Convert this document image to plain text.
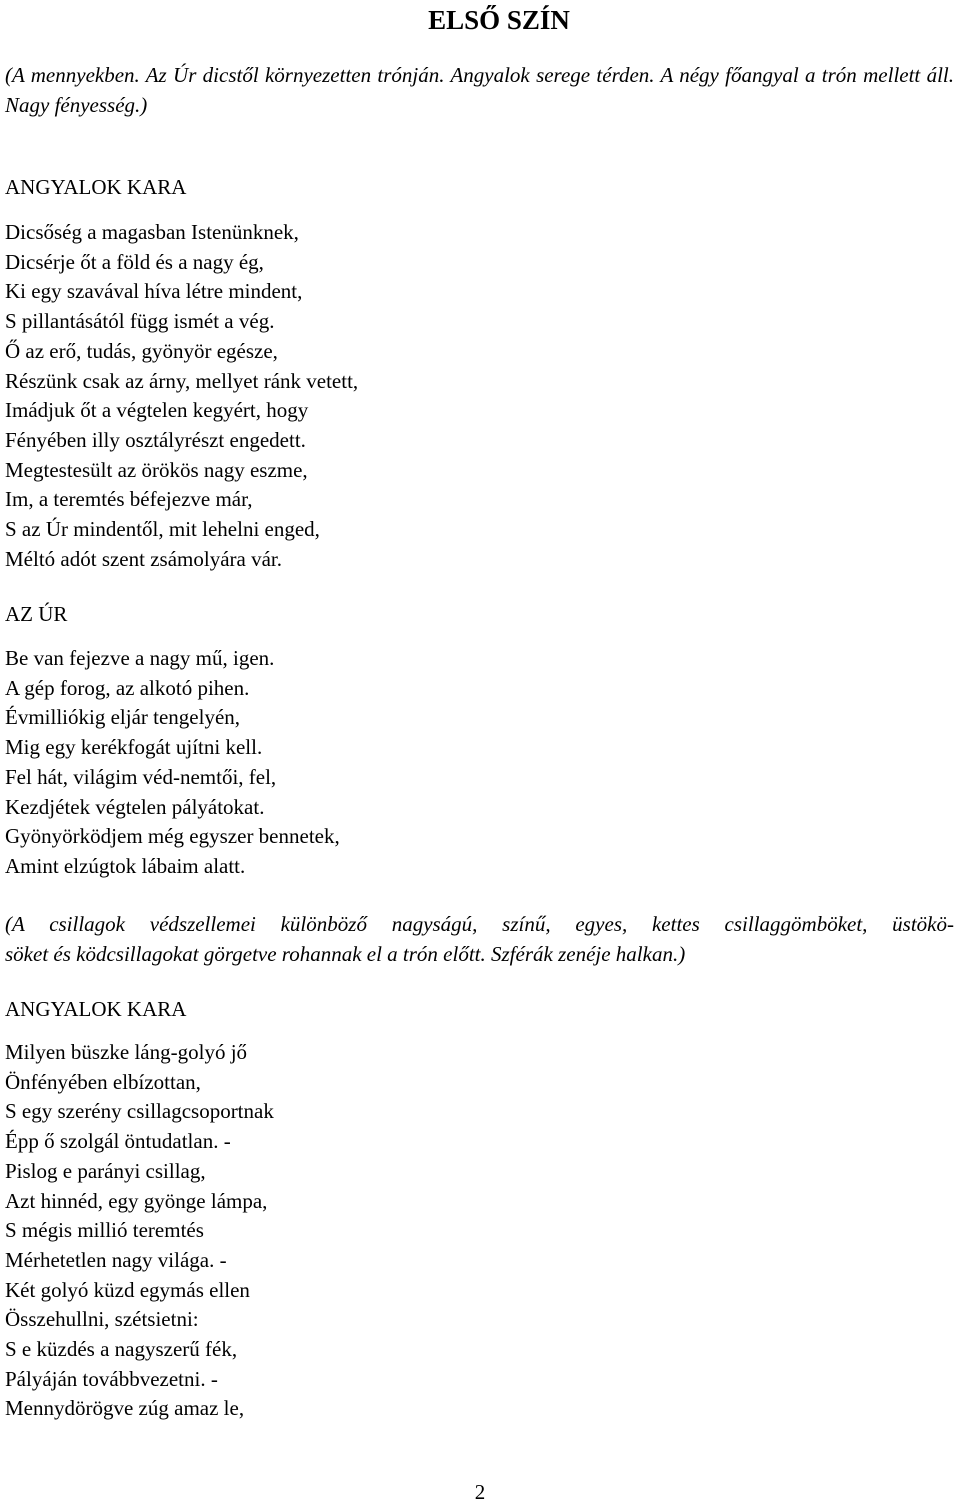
ELSŐ SZÍN
(A mennyekben. Az Úr dicstől környezetten trónján. Angyalok serege térden. A négy főangyal a trón mellett áll. Nagy fényesség.)
ANGYALOK KARA
Dicsőség a magasban Istenünknek,
Dicsérje őt a föld és a nagy ég,
Ki egy szavával híva létre mindent,
S pillantásától függ ismét a vég.
Ő az erő, tudás, gyönyör egésze,
Részünk csak az árny, mellyet ránk vetett,
Imádjuk őt a végtelen kegyért, hogy
Fényében illy osztályrészt engedett.
Megtestesült az örökös nagy eszme,
Im, a teremtés béfejezve már,
S az Úr mindentől, mit lehelni enged,
Méltó adót szent zsámolyára vár.
AZ ÚR
Be van fejezve a nagy mű, igen.
A gép forog, az alkotó pihen.
Évmilliókig eljár tengelyén,
Mig egy kerékfogát ujítni kell.
Fel hát, világim véd-nemtői, fel,
Kezdjétek végtelen pályátokat.
Gyönyörködjem még egyszer bennetek,
Amint elzúgtok lábaim alatt.
(A csillagok védszellemei különböző nagyságú, színű, egyes, kettes csillaggömböket, üstökö-
söket és ködcsillagokat görgetve rohannak el a trón előtt. Szférák zenéje halkan.)
ANGYALOK KARA
Milyen büszke láng-golyó jő
Önfényében elbízottan,
S egy szerény csillagcsoportnak
Épp ő szolgál öntudatlan. -
Pislog e parányi csillag,
Azt hinnéd, egy gyönge lámpa,
S mégis millió teremtés
Mérhetetlen nagy világa. -
Két golyó küzd egymás ellen
Összehullni, szétsietni:
S e küzdés a nagyszerű fék,
Pályáján továbbvezetni. -
Mennydörögve zúg amaz le,
2
